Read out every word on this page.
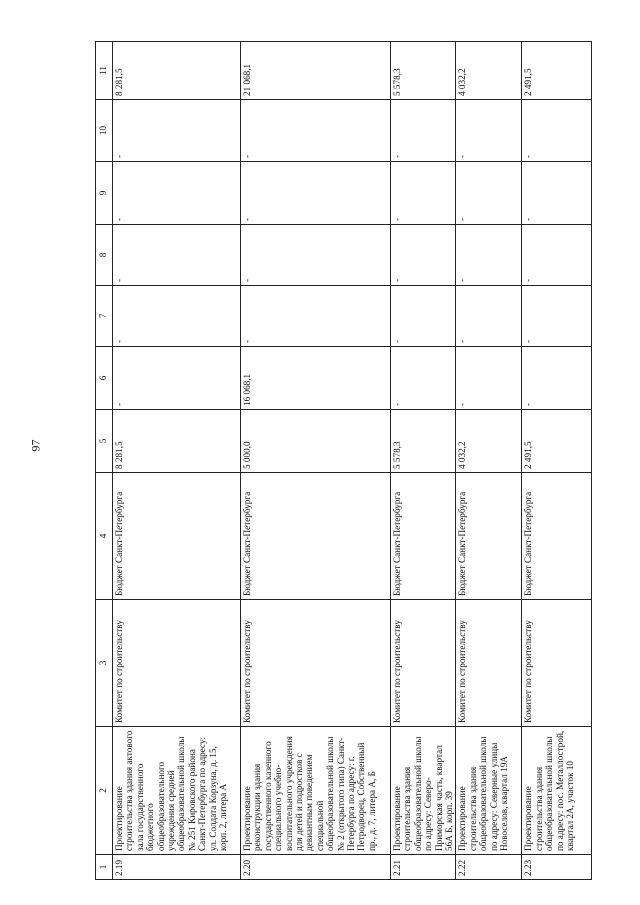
97
1	2	3	4	5	6	7	8	9	10	11
2.19	Проектирование строительства здания актового зала государственного бюджетного общеобразовательного учреждения средней общеобразовательной школы № 251 Кировского района Санкт-Петербурга по адресу: ул. Солдата Корзуна, д. 15, корп. 2, литера А	Комитет по строительству	Бюджет Санкт-Петербурга	8 281,5	-	-	-	-	-	8 281,5
2.20	Проектирование реконструкции здания государственного казенного специального учебно-воспитательного учреждения для детей и подростков с девиантным поведением специальной общеобразовательной школы № 2 (открытого типа) Санкт-Петербурга по адресу: г. Петродворец, Собственный пр., д. 7, литера А, Б	Комитет по строительству	Бюджет Санкт-Петербурга	5 000,0	16 068,1	-	-	-	-	21 068,1
2.21	Проектирование строительства здания общеобразовательной школы по адресу: Северо-Приморская часть, квартал 56А Б, корп. 39	Комитет по строительству	Бюджет Санкт-Петербурга	5 578,3	-	-	-	-	-	5 578,3
2.22	Проектирование строительства здания общеобразовательной школы по адресу: Северные улицы Новоселов, квартал 19А	Комитет по строительству	Бюджет Санкт-Петербурга	4 032,2	-	-	-	-	-	4 032,2
2.23	Проектирование строительства здания общеобразовательной школы по адресу: пос. Металлострой, квартал 2А, участок 10	Комитет по строительству	Бюджет Санкт-Петербурга	2 491,5	-	-	-	-	-	2 491,5
